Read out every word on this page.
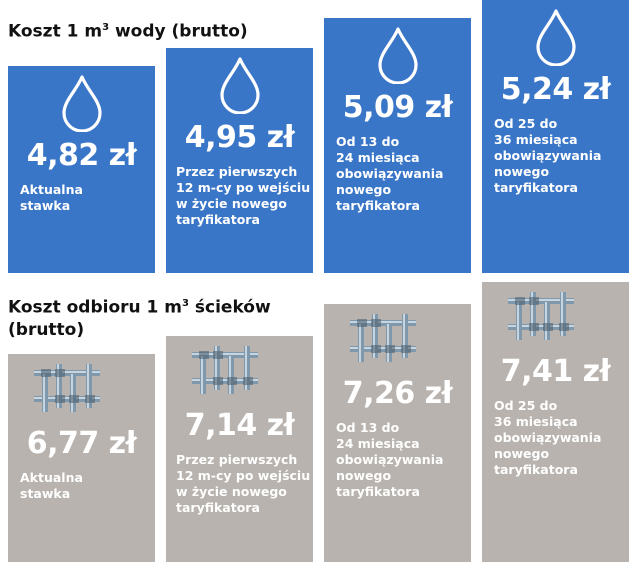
Koszt 1 $m^3$ wody (brutto)
Koszt odbioru 1 $m^3$ ścieków (brutto)
4,82 zł
Aktualna
stawka
4,95 zł
Przez pierwszych
12 m-cy po wejściu
w życie nowego
taryfikatora
5,09 zł
Od 13 do
24 miesiąca
obowiązywania
nowego
taryfikatora
5,24 zł
Od 25 do
36 miesiąca
obowiązywania
nowego
taryfikatora
6,77 zł
Aktualna
stawka
7,14 zł
Przez pierwszych
12 m-cy po wejściu
w życie nowego
taryfikatora
7,26 zł
Od 13 do
24 miesiąca
obowiązywania
nowego
taryfikatora
7,41 zł
Od 25 do
36 miesiąca
obowiązywania
nowego
taryfikatora
